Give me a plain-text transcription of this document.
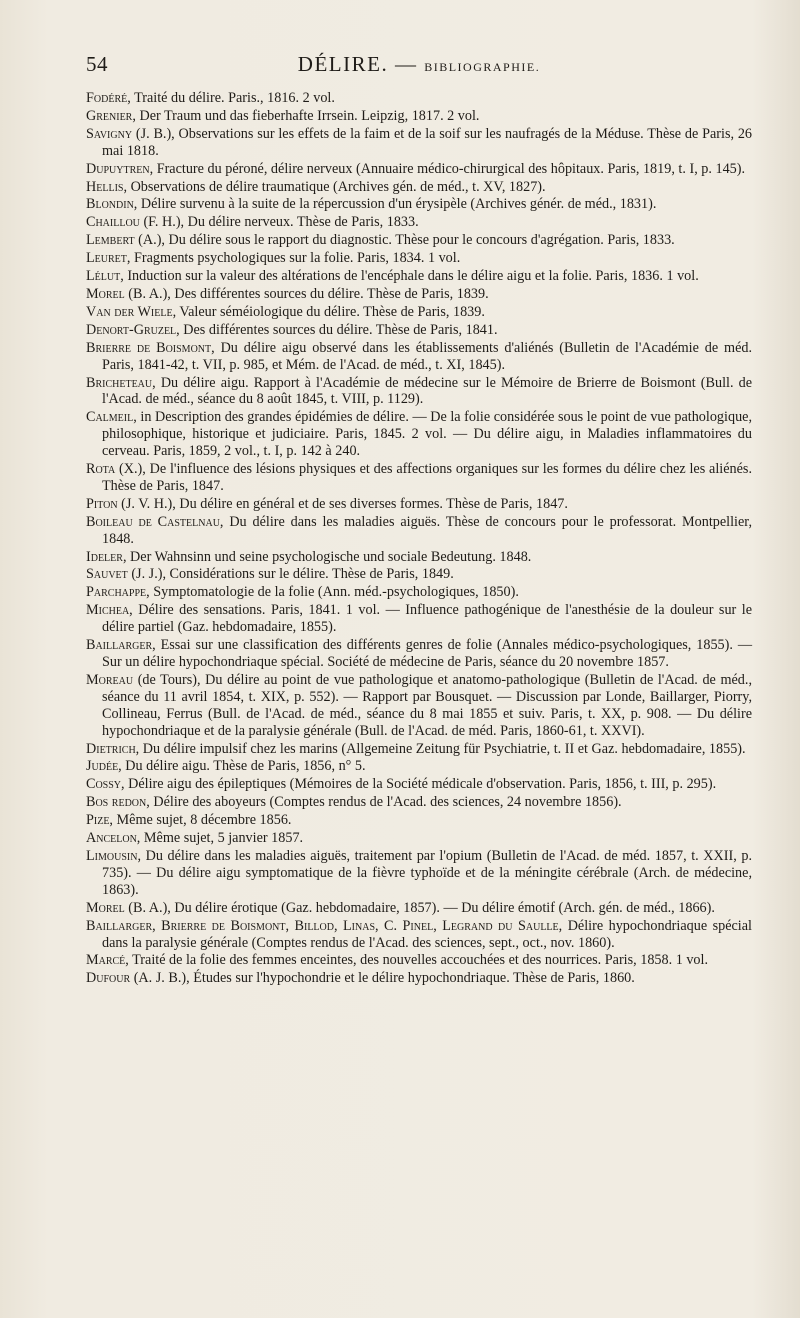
54	DÉLIRE. — BIBLIOGRAPHIE.

Fodéré, Traité du délire. Paris., 1816. 2 vol.

Grenier, Der Traum und das fieberhafte Irrsein. Leipzig, 1817. 2 vol.

Savigny (J. B.), Observations sur les effets de la faim et de la soif sur les naufragés de la Méduse. Thèse de Paris, 26 mai 1818.

Dupuytren, Fracture du péroné, délire nerveux (Annuaire médico-chirurgical des hôpitaux. Paris, 1819, t. I, p. 145).

Hellis, Observations de délire traumatique (Archives gén. de méd., t. XV, 1827).

Blondin, Délire survenu à la suite de la répercussion d'un érysipèle (Archives génér. de méd., 1831).

Chaillou (F. H.), Du délire nerveux. Thèse de Paris, 1833.

Lembert (A.), Du délire sous le rapport du diagnostic. Thèse pour le concours d'agrégation. Paris, 1833.

Leuret, Fragments psychologiques sur la folie. Paris, 1834. 1 vol.

Lélut, Induction sur la valeur des altérations de l'encéphale dans le délire aigu et la folie. Paris, 1836. 1 vol.

Morel (B. A.), Des différentes sources du délire. Thèse de Paris, 1839.

Van der Wiele, Valeur séméiologique du délire. Thèse de Paris, 1839.

Denort-Gruzel, Des différentes sources du délire. Thèse de Paris, 1841.

Brierre de Boismont, Du délire aigu observé dans les établissements d'aliénés (Bulletin de l'Académie de méd. Paris, 1841-42, t. VII, p. 985, et Mém. de l'Acad. de méd., t. XI, 1845).

Bricheteau, Du délire aigu. Rapport à l'Académie de médecine sur le Mémoire de Brierre de Boismont (Bull. de l'Acad. de méd., séance du 8 août 1845, t. VIII, p. 1129).

Calmeil, in Description des grandes épidémies de délire. — De la folie considérée sous le point de vue pathologique, philosophique, historique et judiciaire. Paris, 1845. 2 vol. — Du délire aigu, in Maladies inflammatoires du cerveau. Paris, 1859, 2 vol., t. I, p. 142 à 240.

Rota (X.), De l'influence des lésions physiques et des affections organiques sur les formes du délire chez les aliénés. Thèse de Paris, 1847.

Piton (J. V. H.), Du délire en général et de ses diverses formes. Thèse de Paris, 1847.

Boileau de Castelnau, Du délire dans les maladies aiguës. Thèse de concours pour le professorat. Montpellier, 1848.

Ideler, Der Wahnsinn und seine psychologische und sociale Bedeutung. 1848.

Sauvet (J. J.), Considérations sur le délire. Thèse de Paris, 1849.

Parchappe, Symptomatologie de la folie (Ann. méd.-psychologiques, 1850).

Michea, Délire des sensations. Paris, 1841. 1 vol. — Influence pathogénique de l'anesthésie de la douleur sur le délire partiel (Gaz. hebdomadaire, 1855).

Baillarger, Essai sur une classification des différents genres de folie (Annales médico-psychologiques, 1855). — Sur un délire hypochondriaque spécial. Société de médecine de Paris, séance du 20 novembre 1857.

Moreau (de Tours), Du délire au point de vue pathologique et anatomo-pathologique (Bulletin de l'Acad. de méd., séance du 11 avril 1854, t. XIX, p. 552). — Rapport par Bousquet. — Discussion par Londe, Baillarger, Piorry, Collineau, Ferrus (Bull. de l'Acad. de méd., séance du 8 mai 1855 et suiv. Paris, t. XX, p. 908. — Du délire hypochondriaque et de la paralysie générale (Bull. de l'Acad. de méd. Paris, 1860-61, t. XXVI).

Dietrich, Du délire impulsif chez les marins (Allgemeine Zeitung für Psychiatrie, t. II et Gaz. hebdomadaire, 1855).

Judée, Du délire aigu. Thèse de Paris, 1856, n° 5.

Cossy, Délire aigu des épileptiques (Mémoires de la Société médicale d'observation. Paris, 1856, t. III, p. 295).

Bos redon, Délire des aboyeurs (Comptes rendus de l'Acad. des sciences, 24 novembre 1856).

Pize, Même sujet, 8 décembre 1856.

Ancelon, Même sujet, 5 janvier 1857.

Limousin, Du délire dans les maladies aiguës, traitement par l'opium (Bulletin de l'Acad. de méd. 1857, t. XXII, p. 735). — Du délire aigu symptomatique de la fièvre typhoïde et de la méningite cérébrale (Arch. de médecine, 1863).

Morel (B. A.), Du délire érotique (Gaz. hebdomadaire, 1857). — Du délire émotif (Arch. gén. de méd., 1866).

Baillarger, Brierre de Boismont, Billod, Linas, C. Pinel, Legrand du Saulle, Délire hypochondriaque spécial dans la paralysie générale (Comptes rendus de l'Acad. des sciences, sept., oct., nov. 1860).

Marcé, Traité de la folie des femmes enceintes, des nouvelles accouchées et des nourrices. Paris, 1858. 1 vol.

Dufour (A. J. B.), Études sur l'hypochondrie et le délire hypochondriaque. Thèse de Paris, 1860.
